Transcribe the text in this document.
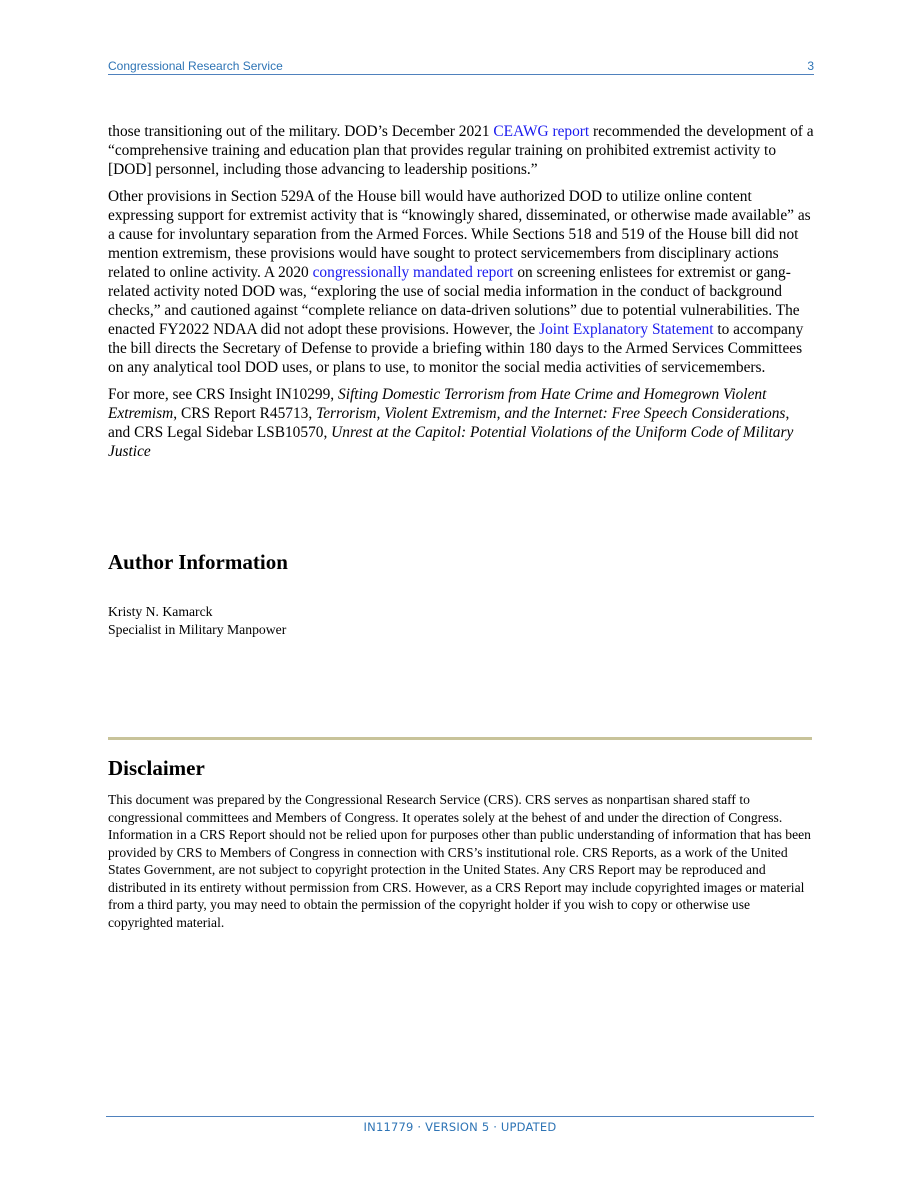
Congressional Research Service	3

those transitioning out of the military. DOD’s December 2021 CEAWG report recommended the development of a “comprehensive training and education plan that provides regular training on prohibited extremist activity to [DOD] personnel, including those advancing to leadership positions.”

Other provisions in Section 529A of the House bill would have authorized DOD to utilize online content expressing support for extremist activity that is “knowingly shared, disseminated, or otherwise made available” as a cause for involuntary separation from the Armed Forces. While Sections 518 and 519 of the House bill did not mention extremism, these provisions would have sought to protect servicemembers from disciplinary actions related to online activity. A 2020 congressionally mandated report on screening enlistees for extremist or gang-related activity noted DOD was, “exploring the use of social media information in the conduct of background checks,” and cautioned against “complete reliance on data-driven solutions” due to potential vulnerabilities. The enacted FY2022 NDAA did not adopt these provisions. However, the Joint Explanatory Statement to accompany the bill directs the Secretary of Defense to provide a briefing within 180 days to the Armed Services Committees on any analytical tool DOD uses, or plans to use, to monitor the social media activities of servicemembers.

For more, see CRS Insight IN10299, Sifting Domestic Terrorism from Hate Crime and Homegrown Violent Extremism, CRS Report R45713, Terrorism, Violent Extremism, and the Internet: Free Speech Considerations, and CRS Legal Sidebar LSB10570, Unrest at the Capitol: Potential Violations of the Uniform Code of Military Justice

Author Information
Kristy N. Kamarck
Specialist in Military Manpower
Disclaimer
This document was prepared by the Congressional Research Service (CRS). CRS serves as nonpartisan shared staff to congressional committees and Members of Congress. It operates solely at the behest of and under the direction of Congress. Information in a CRS Report should not be relied upon for purposes other than public understanding of information that has been provided by CRS to Members of Congress in connection with CRS’s institutional role. CRS Reports, as a work of the United States Government, are not subject to copyright protection in the United States. Any CRS Report may be reproduced and distributed in its entirety without permission from CRS. However, as a CRS Report may include copyrighted images or material from a third party, you may need to obtain the permission of the copyright holder if you wish to copy or otherwise use copyrighted material.
IN11779 · VERSION 5 · UPDATED
